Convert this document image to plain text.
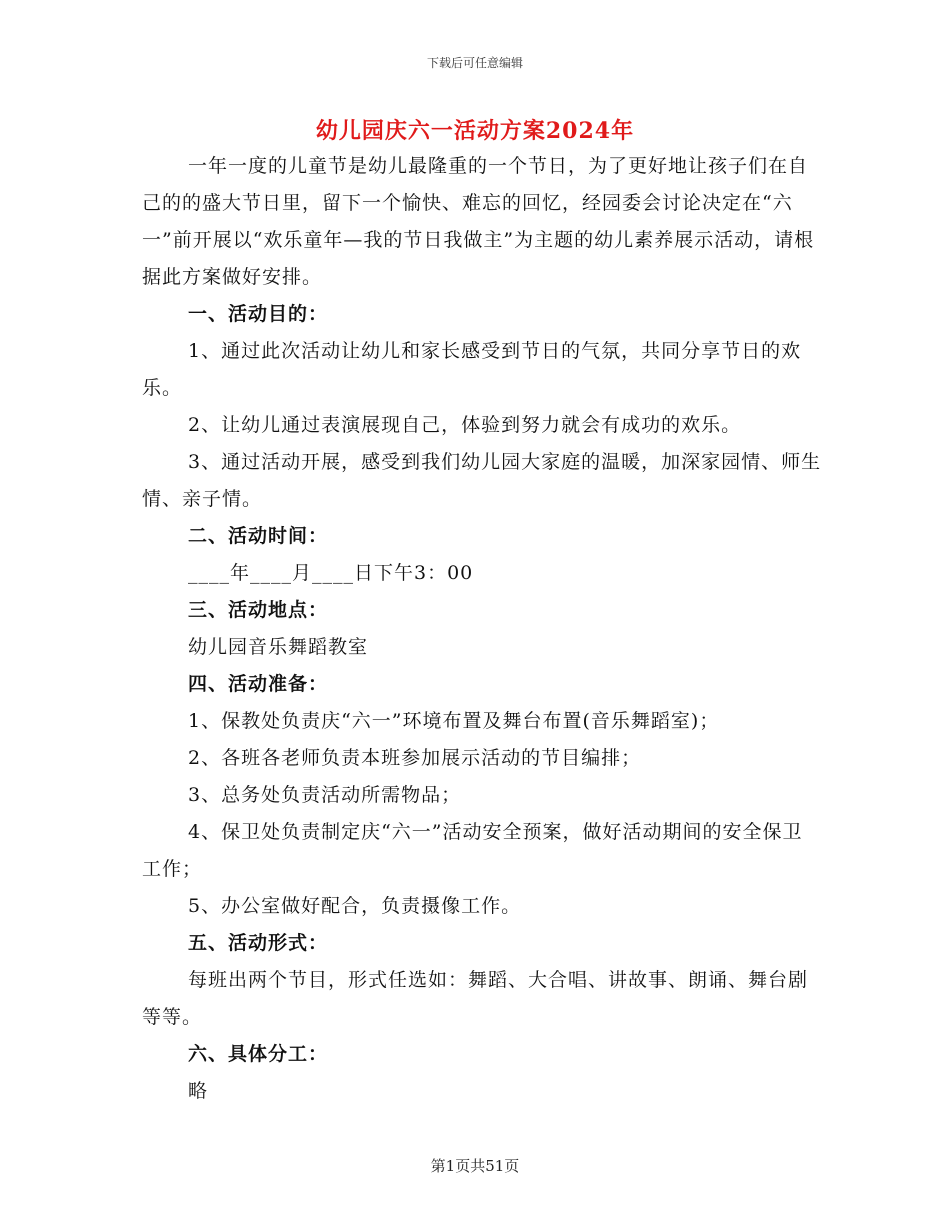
下载后可任意编辑
幼儿园庆六一活动方案2024年

一年一度的儿童节是幼儿最隆重的一个节日，为了更好地让孩子们在自己的的盛大节日里，留下一个愉快、难忘的回忆，经园委会讨论决定在“六一”前开展以“欢乐童年—我的节日我做主”为主题的幼儿素养展示活动，请根据此方案做好安排。

一、活动目的：

1、通过此次活动让幼儿和家长感受到节日的气氛，共同分享节日的欢乐。

2、让幼儿通过表演展现自己，体验到努力就会有成功的欢乐。

3、通过活动开展，感受到我们幼儿园大家庭的温暖，加深家园情、师生情、亲子情。

二、活动时间：

____年____月____日下午3：00

三、活动地点：

幼儿园音乐舞蹈教室

四、活动准备：

1、保教处负责庆“六一”环境布置及舞台布置(音乐舞蹈室)；

2、各班各老师负责本班参加展示活动的节目编排；

3、总务处负责活动所需物品；

4、保卫处负责制定庆“六一”活动安全预案，做好活动期间的安全保卫工作；

5、办公室做好配合，负责摄像工作。

五、活动形式：

每班出两个节目，形式任选如：舞蹈、大合唱、讲故事、朗诵、舞台剧等等。

六、具体分工：

略

第1页共51页
